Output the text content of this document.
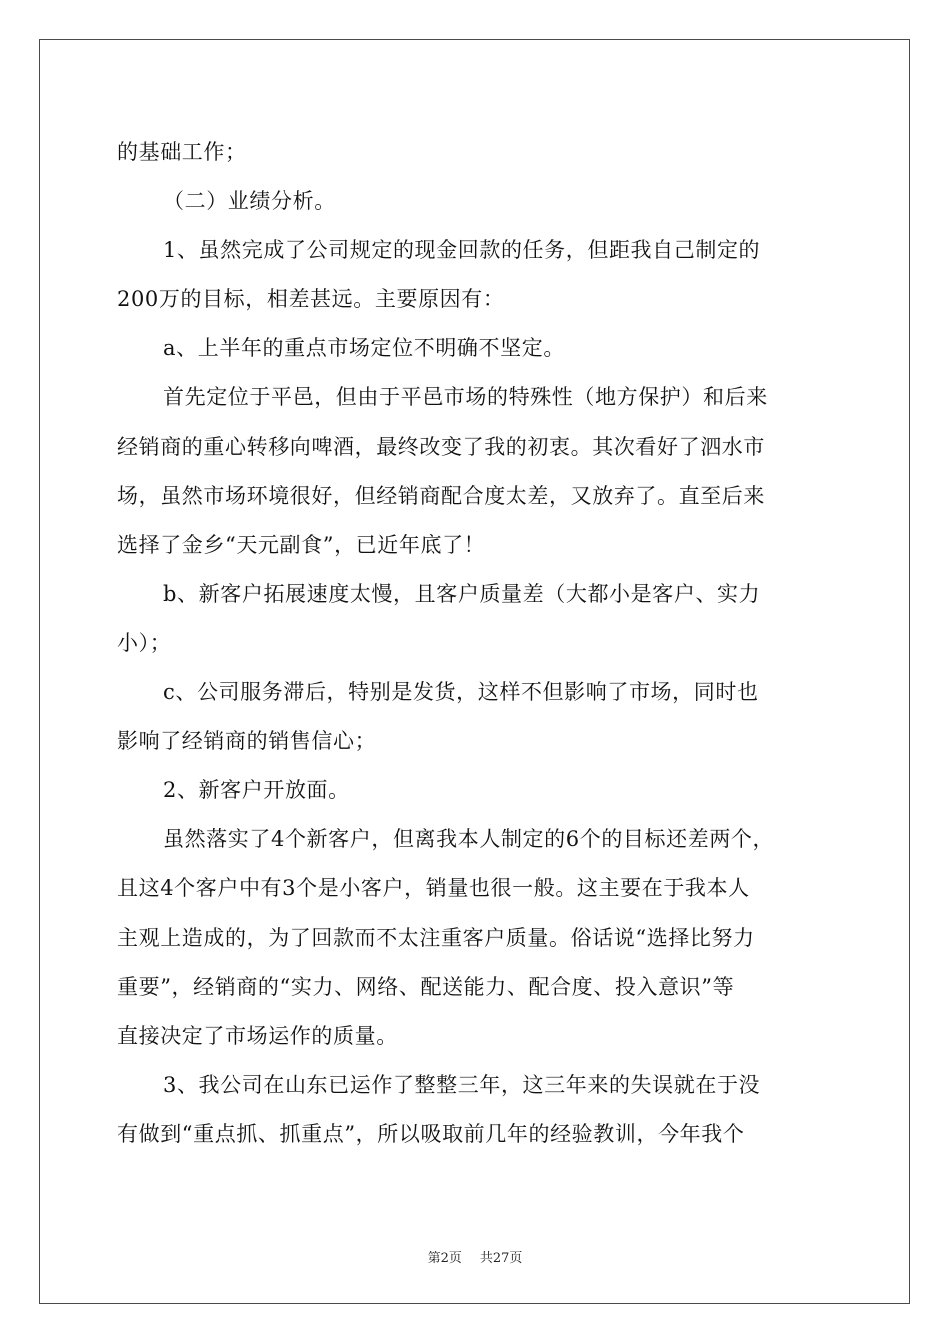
的基础工作；
（二）业绩分析。
1、虽然完成了公司规定的现金回款的任务，但距我自己制定的
200万的目标，相差甚远。主要原因有：
a、上半年的重点市场定位不明确不坚定。
首先定位于平邑，但由于平邑市场的特殊性（地方保护）和后来
经销商的重心转移向啤酒，最终改变了我的初衷。其次看好了泗水市
场，虽然市场环境很好，但经销商配合度太差，又放弃了。直至后来
选择了金乡“天元副食”，已近年底了！
b、新客户拓展速度太慢，且客户质量差（大都小是客户、实力
小）；
c、公司服务滞后，特别是发货，这样不但影响了市场，同时也
影响了经销商的销售信心；
2、新客户开放面。
虽然落实了4个新客户，但离我本人制定的6个的目标还差两个，
且这4个客户中有3个是小客户，销量也很一般。这主要在于我本人
主观上造成的，为了回款而不太注重客户质量。俗话说“选择比努力
重要”，经销商的“实力、网络、配送能力、配合度、投入意识”等
直接决定了市场运作的质量。
3、我公司在山东已运作了整整三年，这三年来的失误就在于没
有做到“重点抓、抓重点”，所以吸取前几年的经验教训，今年我个
第2页 共27页
